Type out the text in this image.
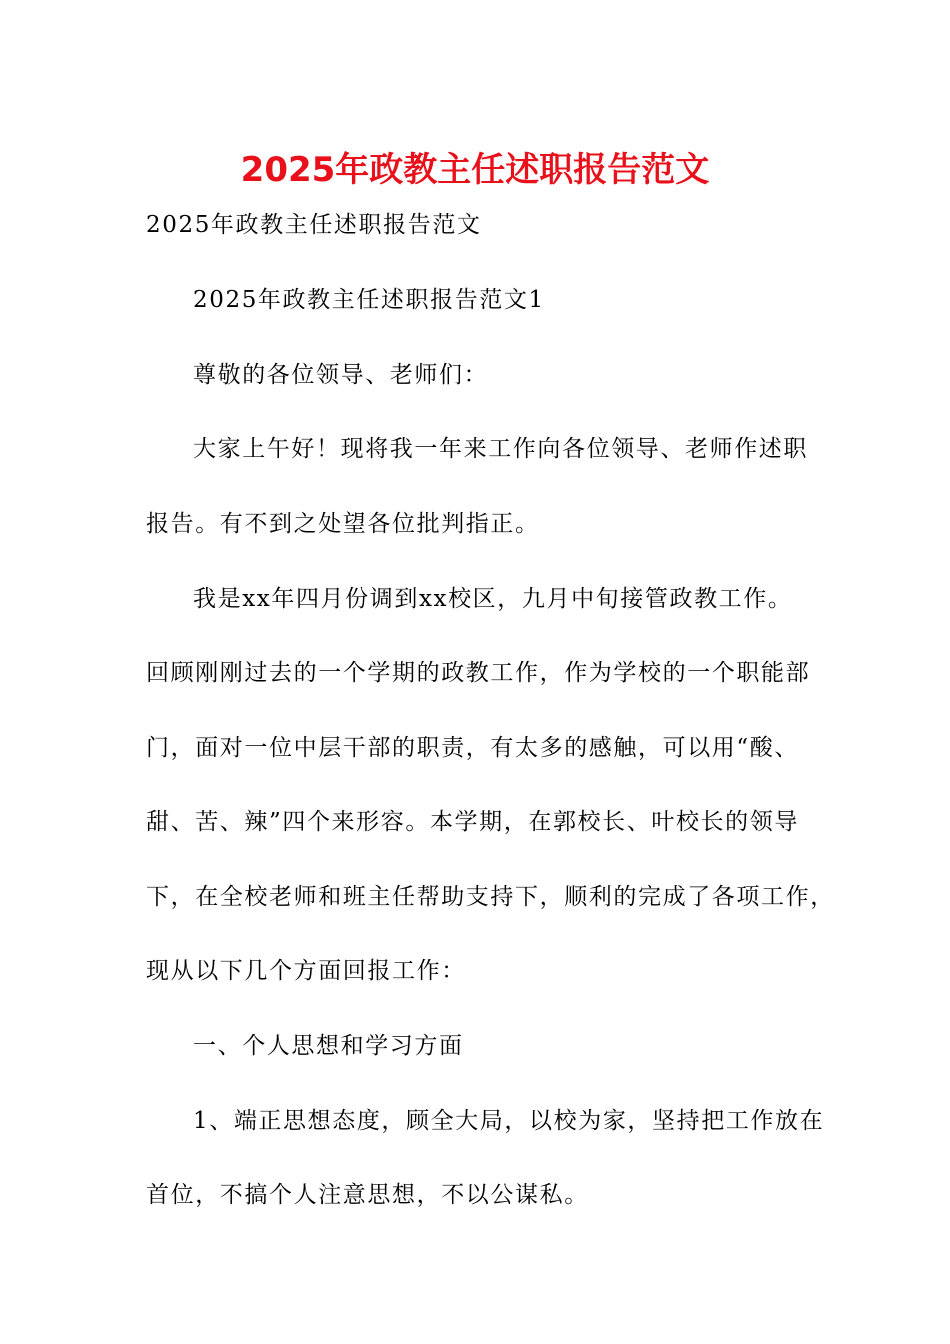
2025年政教主任述职报告范文
2025年政教主任述职报告范文
2025年政教主任述职报告范文1
尊敬的各位领导、老师们：
大家上午好！现将我一年来工作向各位领导、老师作述职
报告。有不到之处望各位批判指正。
我是xx年四月份调到xx校区，九月中旬接管政教工作。
回顾刚刚过去的一个学期的政教工作，作为学校的一个职能部
门，面对一位中层干部的职责，有太多的感触，可以用“酸、
甜、苦、辣”四个来形容。本学期，在郭校长、叶校长的领导
下，在全校老师和班主任帮助支持下，顺利的完成了各项工作，
现从以下几个方面回报工作：
一、个人思想和学习方面
1、端正思想态度，顾全大局，以校为家，坚持把工作放在
首位，不搞个人注意思想，不以公谋私。
